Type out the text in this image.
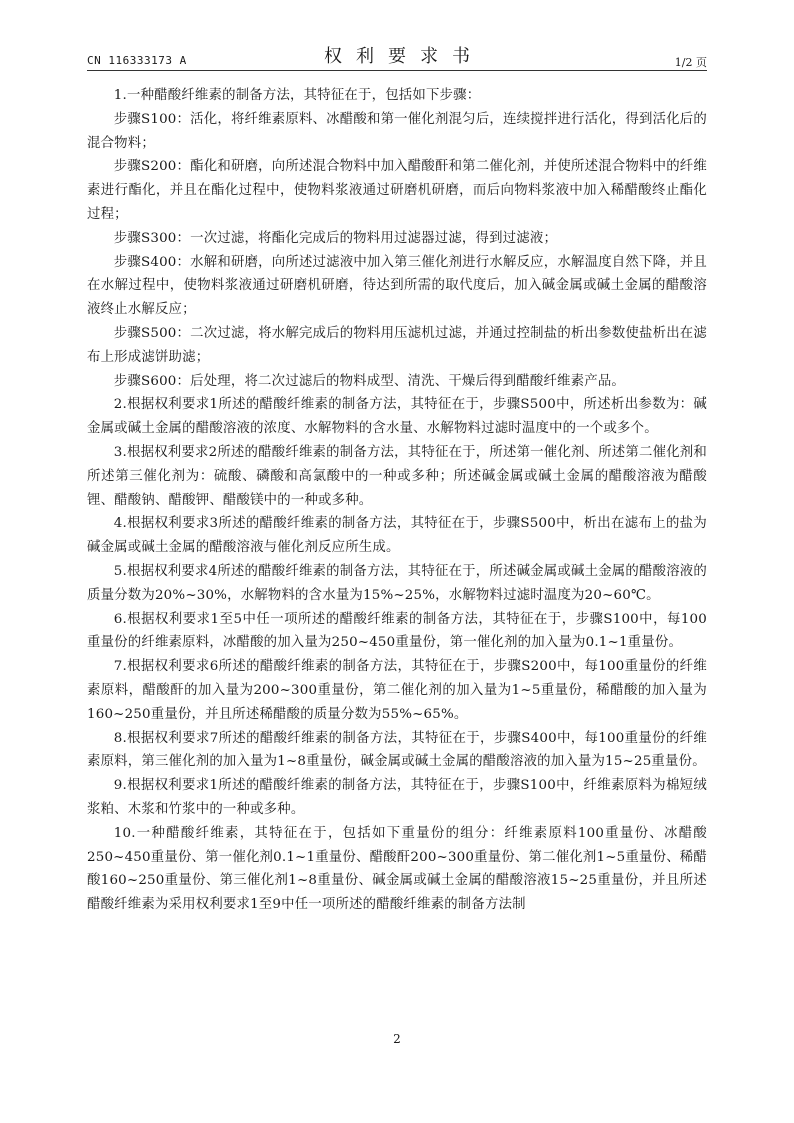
CN 116333173 A	权利要求书	1/2 页

1.一种醋酸纤维素的制备方法，其特征在于，包括如下步骤：

步骤S100：活化，将纤维素原料、冰醋酸和第一催化剂混匀后，连续搅拌进行活化，得到活化后的混合物料；

步骤S200：酯化和研磨，向所述混合物料中加入醋酸酐和第二催化剂，并使所述混合物料中的纤维素进行酯化，并且在酯化过程中，使物料浆液通过研磨机研磨，而后向物料浆液中加入稀醋酸终止酯化过程；

步骤S300：一次过滤，将酯化完成后的物料用过滤器过滤，得到过滤液；

步骤S400：水解和研磨，向所述过滤液中加入第三催化剂进行水解反应，水解温度自然下降，并且在水解过程中，使物料浆液通过研磨机研磨，待达到所需的取代度后，加入碱金属或碱土金属的醋酸溶液终止水解反应；

步骤S500：二次过滤，将水解完成后的物料用压滤机过滤，并通过控制盐的析出参数使盐析出在滤布上形成滤饼助滤；

步骤S600：后处理，将二次过滤后的物料成型、清洗、干燥后得到醋酸纤维素产品。

2.根据权利要求1所述的醋酸纤维素的制备方法，其特征在于，步骤S500中，所述析出参数为：碱金属或碱土金属的醋酸溶液的浓度、水解物料的含水量、水解物料过滤时温度中的一个或多个。

3.根据权利要求2所述的醋酸纤维素的制备方法，其特征在于，所述第一催化剂、所述第二催化剂和所述第三催化剂为：硫酸、磷酸和高氯酸中的一种或多种；所述碱金属或碱土金属的醋酸溶液为醋酸锂、醋酸钠、醋酸钾、醋酸镁中的一种或多种。

4.根据权利要求3所述的醋酸纤维素的制备方法，其特征在于，步骤S500中，析出在滤布上的盐为碱金属或碱土金属的醋酸溶液与催化剂反应所生成。

5.根据权利要求4所述的醋酸纤维素的制备方法，其特征在于，所述碱金属或碱土金属的醋酸溶液的质量分数为20%~30%，水解物料的含水量为15%~25%，水解物料过滤时温度为20~60℃。

6.根据权利要求1至5中任一项所述的醋酸纤维素的制备方法，其特征在于，步骤S100中，每100重量份的纤维素原料，冰醋酸的加入量为250~450重量份，第一催化剂的加入量为0.1~1重量份。

7.根据权利要求6所述的醋酸纤维素的制备方法，其特征在于，步骤S200中，每100重量份的纤维素原料，醋酸酐的加入量为200~300重量份，第二催化剂的加入量为1~5重量份，稀醋酸的加入量为160~250重量份，并且所述稀醋酸的质量分数为55%~65%。

8.根据权利要求7所述的醋酸纤维素的制备方法，其特征在于，步骤S400中，每100重量份的纤维素原料，第三催化剂的加入量为1~8重量份，碱金属或碱土金属的醋酸溶液的加入量为15~25重量份。

9.根据权利要求1所述的醋酸纤维素的制备方法，其特征在于，步骤S100中，纤维素原料为棉短绒浆粕、木浆和竹浆中的一种或多种。

10.一种醋酸纤维素，其特征在于，包括如下重量份的组分：纤维素原料100重量份、冰醋酸250~450重量份、第一催化剂0.1~1重量份、醋酸酐200~300重量份、第二催化剂1~5重量份、稀醋酸160~250重量份、第三催化剂1~8重量份、碱金属或碱土金属的醋酸溶液15~25重量份，并且所述醋酸纤维素为采用权利要求1至9中任一项所述的醋酸纤维素的制备方法制

2
